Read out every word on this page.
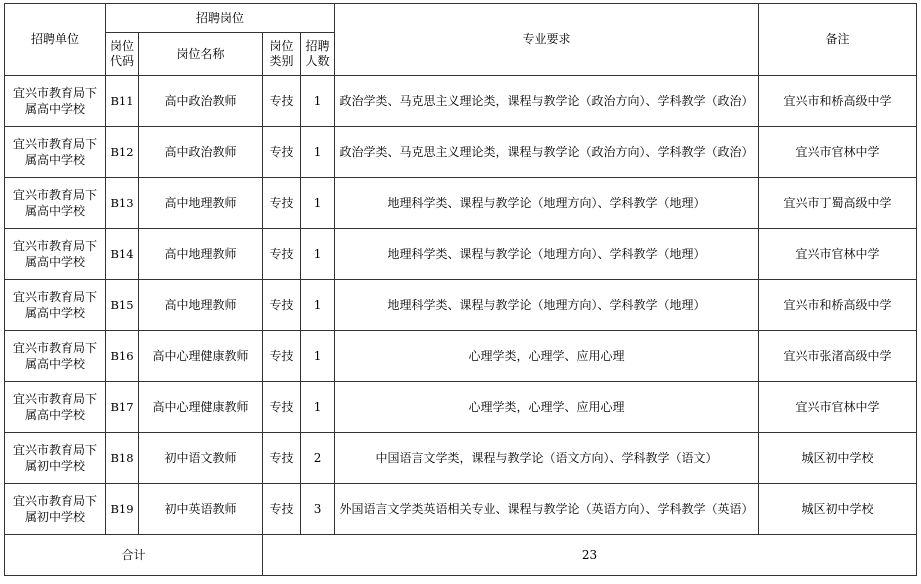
招聘单位	招聘岗位				专业要求	备注
	岗位代码	岗位名称	岗位类别	招聘人数		
宜兴市教育局下属高中学校	B11	高中政治教师	专技	1	政治学类、马克思主义理论类，课程与教学论（政治方向）、学科教学（政治）	宜兴市和桥高级中学
宜兴市教育局下属高中学校	B12	高中政治教师	专技	1	政治学类、马克思主义理论类，课程与教学论（政治方向）、学科教学（政治）	宜兴市官林中学
宜兴市教育局下属高中学校	B13	高中地理教师	专技	1	地理科学类、课程与教学论（地理方向）、学科教学（地理）	宜兴市丁蜀高级中学
宜兴市教育局下属高中学校	B14	高中地理教师	专技	1	地理科学类、课程与教学论（地理方向）、学科教学（地理）	宜兴市官林中学
宜兴市教育局下属高中学校	B15	高中地理教师	专技	1	地理科学类、课程与教学论（地理方向）、学科教学（地理）	宜兴市和桥高级中学
宜兴市教育局下属高中学校	B16	高中心理健康教师	专技	1	心理学类，心理学、应用心理	宜兴市张渚高级中学
宜兴市教育局下属高中学校	B17	高中心理健康教师	专技	1	心理学类，心理学、应用心理	宜兴市官林中学
宜兴市教育局下属初中学校	B18	初中语文教师	专技	2	中国语言文学类，课程与教学论（语文方向）、学科教学（语文）	城区初中学校
宜兴市教育局下属初中学校	B19	初中英语教师	专技	3	外国语言文学类英语相关专业、课程与教学论（英语方向）、学科教学（英语）	城区初中学校
合计			23			
